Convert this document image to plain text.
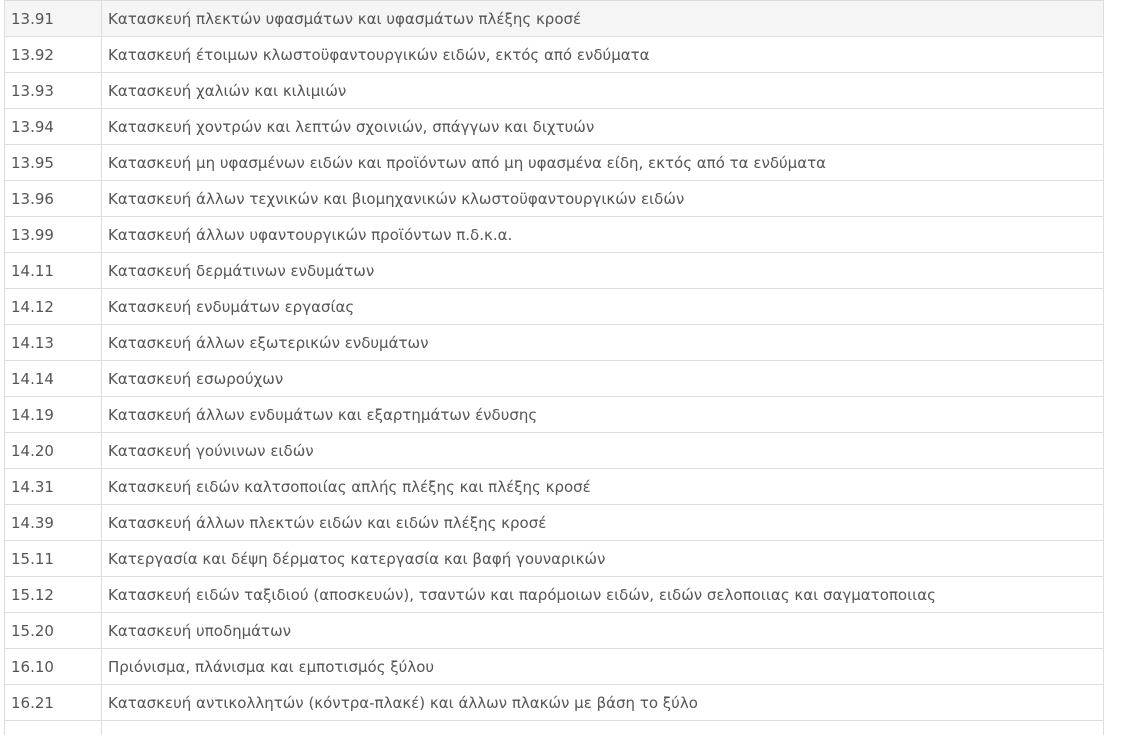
13.91	Κατασκευή πλεκτών υφασμάτων και υφασμάτων πλέξης κροσέ
13.92	Κατασκευή έτοιμων κλωστοϋφαντουργικών ειδών, εκτός από ενδύματα
13.93	Κατασκευή χαλιών και κιλιμιών
13.94	Κατασκευή χοντρών και λεπτών σχοινιών, σπάγγων και διχτυών
13.95	Κατασκευή μη υφασμένων ειδών και προϊόντων από μη υφασμένα είδη, εκτός από τα ενδύματα
13.96	Κατασκευή άλλων τεχνικών και βιομηχανικών κλωστοϋφαντουργικών ειδών
13.99	Κατασκευή άλλων υφαντουργικών προϊόντων π.δ.κ.α.
14.11	Κατασκευή δερμάτινων ενδυμάτων
14.12	Κατασκευή ενδυμάτων εργασίας
14.13	Κατασκευή άλλων εξωτερικών ενδυμάτων
14.14	Κατασκευή εσωρούχων
14.19	Κατασκευή άλλων ενδυμάτων και εξαρτημάτων ένδυσης
14.20	Κατασκευή γούνινων ειδών
14.31	Κατασκευή ειδών καλτσοποιίας απλής πλέξης και πλέξης κροσέ
14.39	Κατασκευή άλλων πλεκτών ειδών και ειδών πλέξης κροσέ
15.11	Κατεργασία και δέψη δέρματος κατεργασία και βαφή γουναρικών
15.12	Κατασκευή ειδών ταξιδιού (αποσκευών), τσαντών και παρόμοιων ειδών, ειδών σελοποιιας και σαγματοποιιας
15.20	Κατασκευή υποδημάτων
16.10	Πριόνισμα, πλάνισμα και εμποτισμός ξύλου
16.21	Κατασκευή αντικολλητών (κόντρα-πλακέ) και άλλων πλακών με βάση το ξύλο
